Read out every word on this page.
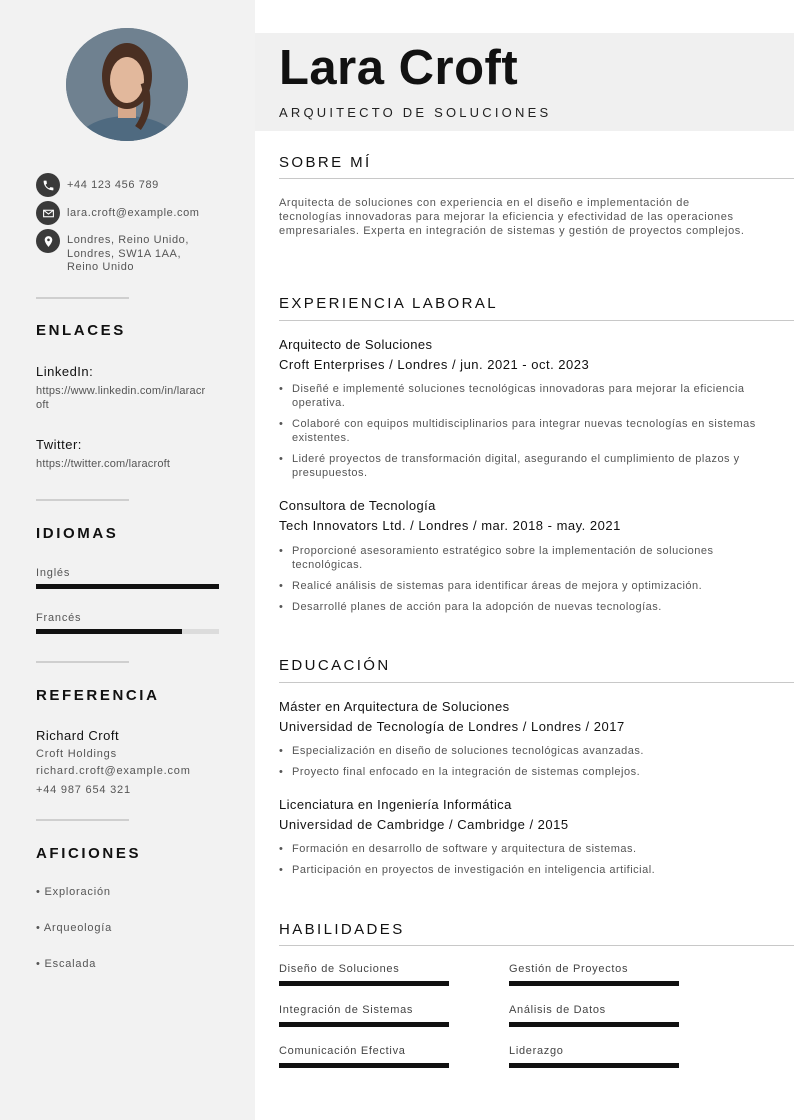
+44 123 456 789
lara.croft@example.com
Londres, Reino Unido,
Londres, SW1A 1AA,
Reino Unido
ENLACES
LinkedIn:
https://www.linkedin.com/in/laracr
oft
Twitter:
https://twitter.com/laracroft
IDIOMAS
Inglés
Francés
REFERENCIA
Richard Croft
Croft Holdings
richard.croft@example.com
+44 987 654 321
AFICIONES
• Exploración
• Arqueología
• Escalada
Lara Croft
ARQUITECTO DE SOLUCIONES
SOBRE MÍ
Arquitecta de soluciones con experiencia en el diseño e implementación de tecnologías innovadoras para mejorar la eficiencia y efectividad de las operaciones empresariales. Experta en integración de sistemas y gestión de proyectos complejos.
EXPERIENCIA LABORAL
Arquitecto de Soluciones
Croft Enterprises / Londres / jun. 2021 - oct. 2023
• Diseñé e implementé soluciones tecnológicas innovadoras para mejorar la eficiencia operativa.
• Colaboré con equipos multidisciplinarios para integrar nuevas tecnologías en sistemas existentes.
• Lideré proyectos de transformación digital, asegurando el cumplimiento de plazos y presupuestos.
Consultora de Tecnología
Tech Innovators Ltd. / Londres / mar. 2018 - may. 2021
• Proporcioné asesoramiento estratégico sobre la implementación de soluciones tecnológicas.
• Realicé análisis de sistemas para identificar áreas de mejora y optimización.
• Desarrollé planes de acción para la adopción de nuevas tecnologías.
EDUCACIÓN
Máster en Arquitectura de Soluciones
Universidad de Tecnología de Londres / Londres / 2017
• Especialización en diseño de soluciones tecnológicas avanzadas.
• Proyecto final enfocado en la integración de sistemas complejos.
Licenciatura en Ingeniería Informática
Universidad de Cambridge / Cambridge / 2015
• Formación en desarrollo de software y arquitectura de sistemas.
• Participación en proyectos de investigación en inteligencia artificial.
HABILIDADES
Diseño de Soluciones	Gestión de Proyectos
Integración de Sistemas	Análisis de Datos
Comunicación Efectiva	Liderazgo
